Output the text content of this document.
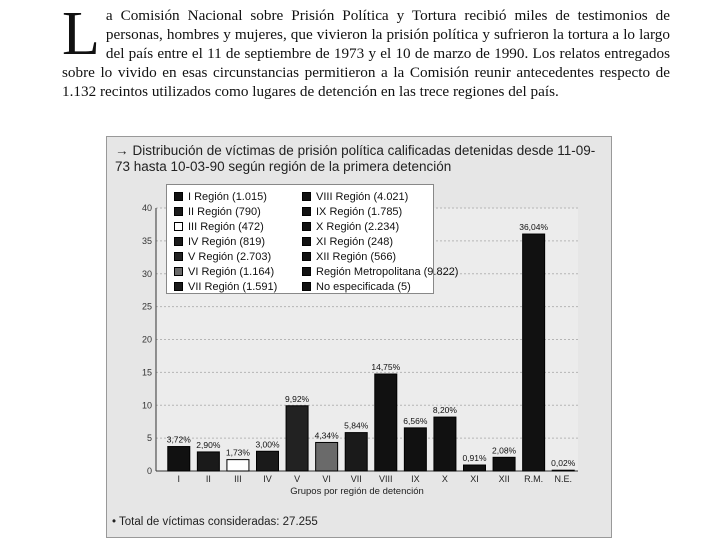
L a Comisión Nacional sobre Prisión Política y Tortura recibió miles de testimonios de personas, hombres y mujeres, que vivieron la prisión política y sufrieron la tortura a lo largo del país entre el 11 de septiembre de 1973 y el 10 de marzo de 1990. Los relatos entregados sobre lo vivido en esas circunstancias permitieron a la Comisión reunir antecedentes respecto de 1.132 recintos utilizados como lugares de detención en las trece regiones del país.
→ Distribución de víctimas de prisión política calificadas detenidas desde 11-09-73 hasta 10-03-90 según región de la primera detención
0
5
10
15
20
25
30
35
40
3,72%
I
2,90%
II
1,73%
III
3,00%
IV
9,92%
V
4,34%
VI
5,84%
VII
14,75%
VIII
6,56%
IX
8,20%
X
0,91%
XI
2,08%
XII
36,04%
R.M.
0,02%
N.E.
Grupos por región de detención
I Región (1.015)
II Región (790)
III Región (472)
IV Región (819)
V Región (2.703)
VI Región (1.164)
VII Región (1.591)
VIII Región (4.021)
IX Región (1.785)
X Región (2.234)
XI Región (248)
XII Región (566)
Región Metropolitana (9.822)
No especificada (5)
• Total de víctimas consideradas: 27.255
